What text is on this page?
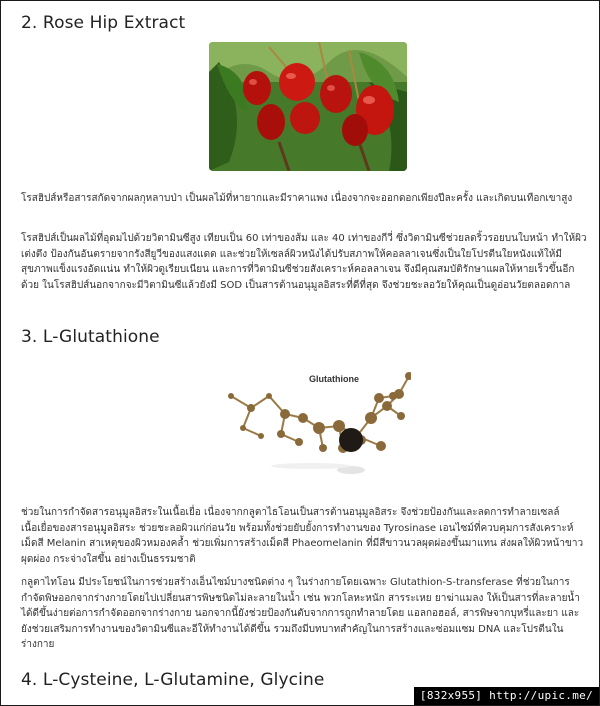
2. Rose Hip Extract

โรสฮิปส์หรือสารสกัดจากผลกุหลาบป่า เป็นผลไม้ที่หายากและมีราคาแพง เนื่องจากจะออกดอกเพียงปีละครั้ง และเกิดบนเทือกเขาสูง

โรสฮิปส์เป็นผลไม้ที่อุดมไปด้วยวิตามินซีสูง เทียบเป็น 60 เท่าของส้ม และ 40 เท่าของกีวี่ ซึ่งวิตามินซีช่วยลดริ้วรอยบนใบหน้า ทำให้ผิวเต่งตึง ป้องกันอันตรายจากรังสียูวีของแสงแดด และช่วยให้เซลล์ผิวหนังได้ปรับสภาพให้คอลลาเจนซึ่งเป็นใยโปรตีนใยหนังแท้ให้มีสุขภาพแข็งแรงอัดแน่น ทำให้ผิวดูเรียบเนียน และการที่วิตามินซีช่วยสังเคราะห์คอลลาเจน จึงมีคุณสมบัติรักษาแผลให้หายเร็วขึ้นอีกด้วย ในโรสฮิปส์นอกจากจะมีวิตามินซีแล้วยังมี SOD เป็นสารต้านอนุมูลอิสระที่ดีที่สุด จึงช่วยชะลอวัยให้คุณเป็นดูอ่อนวัยตลอดกาล

3. L-Glutathione
Glutathione

ช่วยในการกำจัดสารอนุมูลอิสระในเนื้อเยื่อ เนื่องจากกลูตาไธโอนเป็นสารต้านอนุมูลอิสระ จึงช่วยป้องกันและลดการทำลายเซลล์เนื้อเยื่อของสารอนุมูลอิสระ ช่วยชะลอผิวแก่ก่อนวัย พร้อมทั้งช่วยยับยั้งการทำงานของ Tyrosinase เอนไซม์ที่ควบคุมการสังเคราะห์เม็ดสี Melanin สาเหตุของผิวหมองคล้ำ ช่วยเพิ่มการสร้างเม็ดสี Phaeomelanin ที่มีสีขาวนวลผุดผ่องขึ้นมาแทน ส่งผลให้ผิวหน้าขาวผุดผ่อง กระจ่างใสขึ้น อย่างเป็นธรรมชาติ

กลูตาไทโอน มีประโยชน์ในการช่วยสร้างเอ็นไซม์บางชนิดต่าง ๆ ในร่างกายโดยเฉพาะ Glutathion-S-transferase ที่ช่วยในการกำจัดพิษออกจากร่างกายโดยไปเปลี่ยนสารพิษชนิดไม่ละลายในน้ำ เช่น พวกโลหะหนัก สารระเหย ยาฆ่าแมลง ให้เป็นสารที่ละลายน้ำได้ดีขึ้นง่ายต่อการกำจัดออกจากร่างกาย นอกจากนี้ยังช่วยป้องกันตับจากการถูกทำลายโดย แอลกอฮอล์, สารพิษจากบุหรี่และยา และยังช่วยเสริมการทำงานของวิตามินซีและอีให้ทำงานได้ดีขึ้น รวมถึงมีบทบาทสำคัญในการสร้างและซ่อมแซม DNA และโปรตีนในร่างกาย

4. L-Cysteine, L-Glutamine, Glycine
[832x955] http://upic.me/
